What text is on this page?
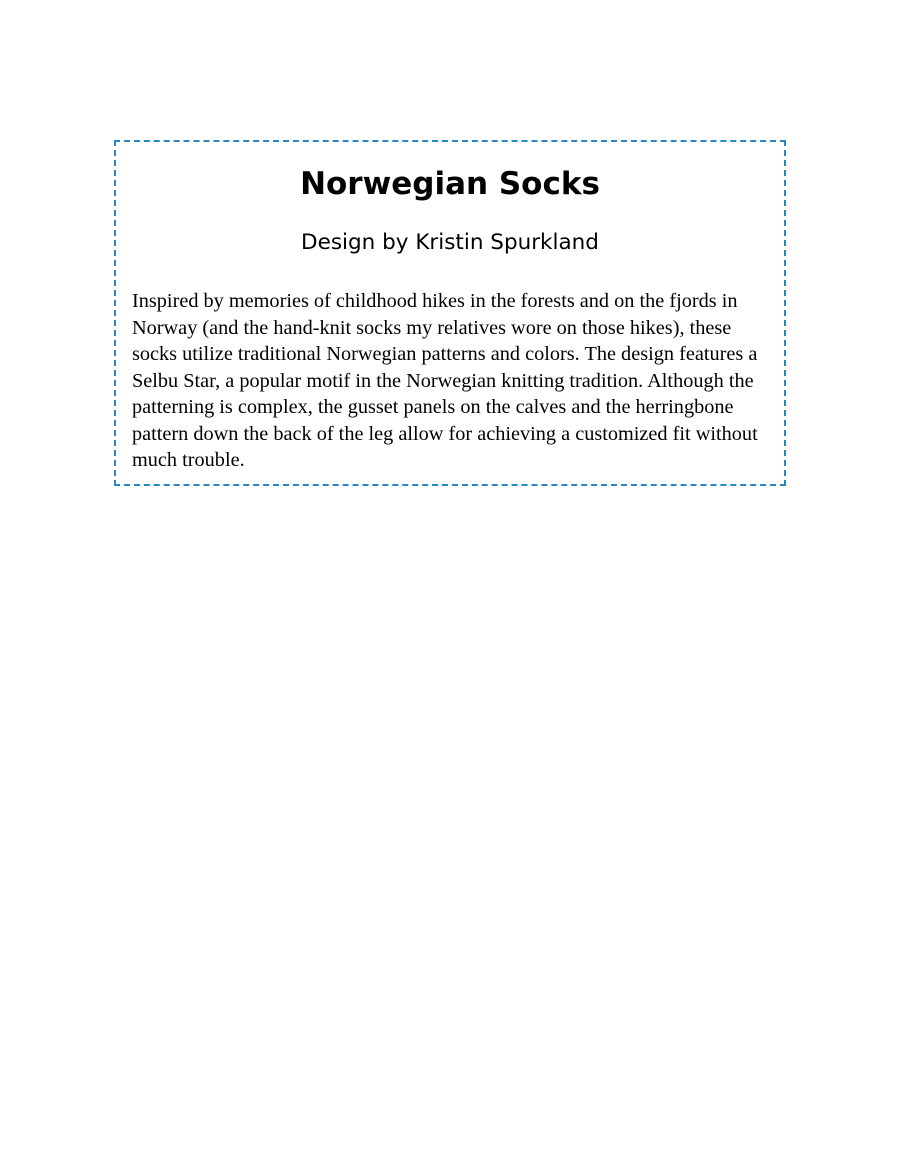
Norwegian Socks
Design by Kristin Spurkland

Inspired by memories of childhood hikes in the forests and on the fjords in Norway (and the hand-knit socks my relatives wore on those hikes), these socks utilize traditional Norwegian patterns and colors. The design features a Selbu Star, a popular motif in the Norwegian knitting tradition. Although the patterning is complex, the gusset panels on the calves and the herringbone pattern down the back of the leg allow for achieving a customized fit without much trouble.
